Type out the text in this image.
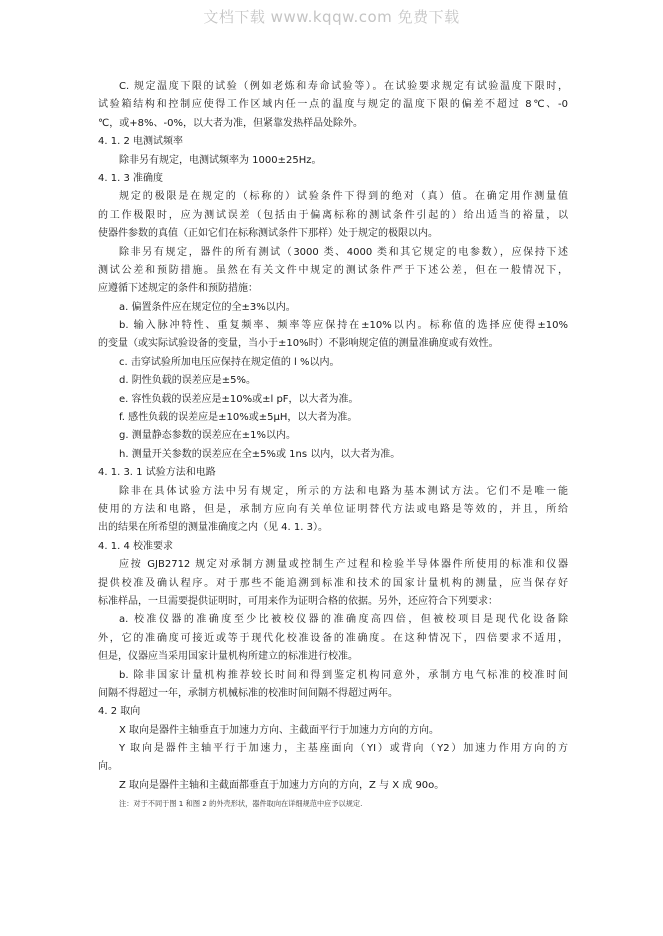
文档下载 www.kqqw.com 免费下载
C. 规定温度下限的试验（例如老炼和寿命试验等）。在试验要求规定有试验温度下限时，
试验箱结构和控制应使得工作区域内任一点的温度与规定的温度下限的偏差不超过 8℃、-0
℃，或+8%、-0%，以大者为准，但紧靠发热样品处除外。
4. 1. 2 电测试频率
除非另有规定，电测试频率为 1000±25Hz。
4. 1. 3 准确度
规定的极限是在规定的（标称的）试验条件下得到的绝对（真）值。在确定用作测量值
的工作极限时，应为测试误差（包括由于偏离标称的测试条件引起的）给出适当的裕量，以
使器件参数的真值（正如它们在标称测试条件下那样）处于规定的极限以内。
除非另有规定，器件的所有测试（3000 类、4000 类和其它规定的电参数），应保持下述
测试公差和预防措施。虽然在有关文件中规定的测试条件严于下述公差，但在一般情况下，
应遵循下述规定的条件和预防措施：
a. 偏置条件应在规定位的全±3%以内。
b. 输入脉冲特性、重复频率、频率等应保持在±10%以内。标称值的选择应使得±10%
的变量（或实际试验设备的变量，当小于±10%时）不影响规定值的测量准确度或有效性。
c. 击穿试验所加电压应保持在规定值的 l %以内。
d. 阴性负载的误差应是±5%。
e. 容性负载的误差应是±10%或±l pF，以大者为准。
f. 感性负载的误差应是±10%或±5μH，以大者为准。
g. 测量静态参数的误差应在±1%以内。
h. 测量开关参数的误差应在全±5%或 1ns 以内，以大者为准。
4. 1. 3. 1 试验方法和电路
除非在具体试验方法中另有规定，所示的方法和电路为基本测试方法。它们不是唯一能
使用的方法和电路，但是，承制方应向有关单位证明替代方法或电路是等效的，并且，所给
出的结果在所希望的测量准确度之内（见 4. 1. 3）。
4. 1. 4 校准要求
应按 GJB2712 规定对承制方测量或控制生产过程和检验半导体器件所使用的标准和仪器
提供校准及确认程序。对于那些不能追溯到标准和技术的国家计量机构的测量，应当保存好
标准样品，一旦需要提供证明时，可用来作为证明合格的依据。另外，还应符合下列要求：
a. 校准仪器的准确度至少比被校仪器的准确度高四倍，但被校项目是现代化设备除
外，它的准确度可接近或等于现代化校准设备的准确度。在这种情况下，四倍要求不适用，
但是，仪器应当采用国家计量机构所建立的标准进行校准。
b. 除非国家计量机构推荐较长时间和得到鉴定机构同意外，承制方电气标准的校准时间
间隔不得超过一年，承制方机械标准的校准时间间隔不得超过两年。
4. 2 取向
X 取向是器件主轴垂直于加速力方向、主截面平行于加速力方向的方向。
Y 取向是器件主轴平行于加速力，主基座面向（YI）或背向（Y2）加速力作用方向的方
向。
Z 取向是器件主轴和主截面都垂直于加速力方向的方向，Z 与 X 成 90o。
注：对于不同于图 1 和图 2 的外壳形状，器件取向在详细规范中应予以规定.
